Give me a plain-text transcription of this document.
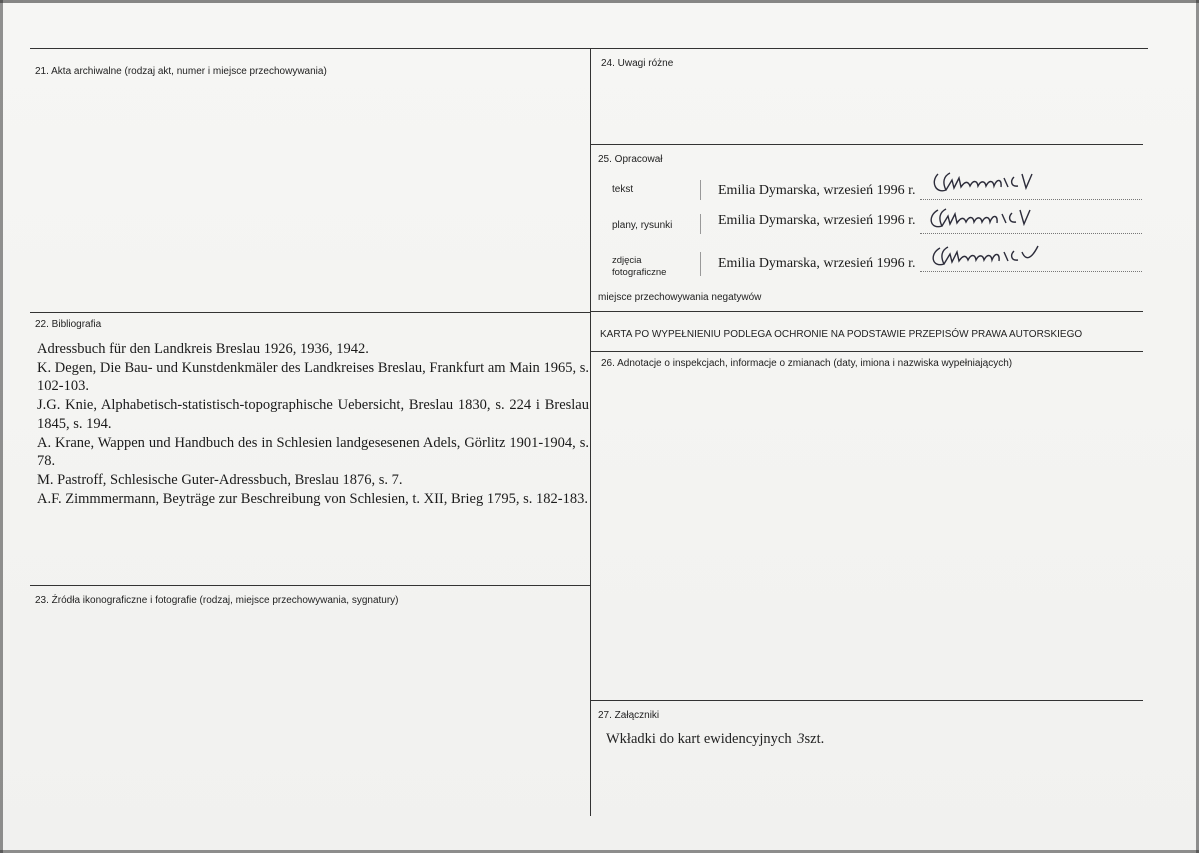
21. Akta archiwalne (rodzaj akt, numer i miejsce przechowywania)
22. Bibliografia
Adressbuch für den Landkreis Breslau 1926, 1936, 1942.
K. Degen, Die Bau- und Kunstdenkmäler des Landkreises Breslau, Frankfurt am Main 1965, s. 102-103.
J.G. Knie, Alphabetisch-statistisch-topographische Uebersicht, Breslau 1830, s. 224 i Breslau 1845, s. 194.
A. Krane, Wappen und Handbuch des in Schlesien landgesesenen Adels, Görlitz 1901-1904, s. 78.
M. Pastroff, Schlesische Guter-Adressbuch, Breslau 1876, s. 7.
A.F. Zimmmermann, Beyträge zur Beschreibung von Schlesien, t. XII, Brieg 1795, s. 182-183.
23. Źródła ikonograficzne i fotografie (rodzaj, miejsce przechowywania, sygnatury)
24. Uwagi różne
25. Opracował
tekst	Emilia Dymarska, wrzesień 1996 r.
plany, rysunki	Emilia Dymarska, wrzesień 1996 r.
zdjęcia
fotograficzne
Emilia Dymarska, wrzesień 1996 r.
miejsce przechowywania negatywów
KARTA PO WYPEŁNIENIU PODLEGA OCHRONIE NA PODSTAWIE PRZEPISÓW PRAWA AUTORSKIEGO
26. Adnotacje o inspekcjach, informacje o zmianach (daty, imiona i nazwiska wypełniających)
27. Załączniki
Wkładki do kart ewidencyjnych 3szt.
